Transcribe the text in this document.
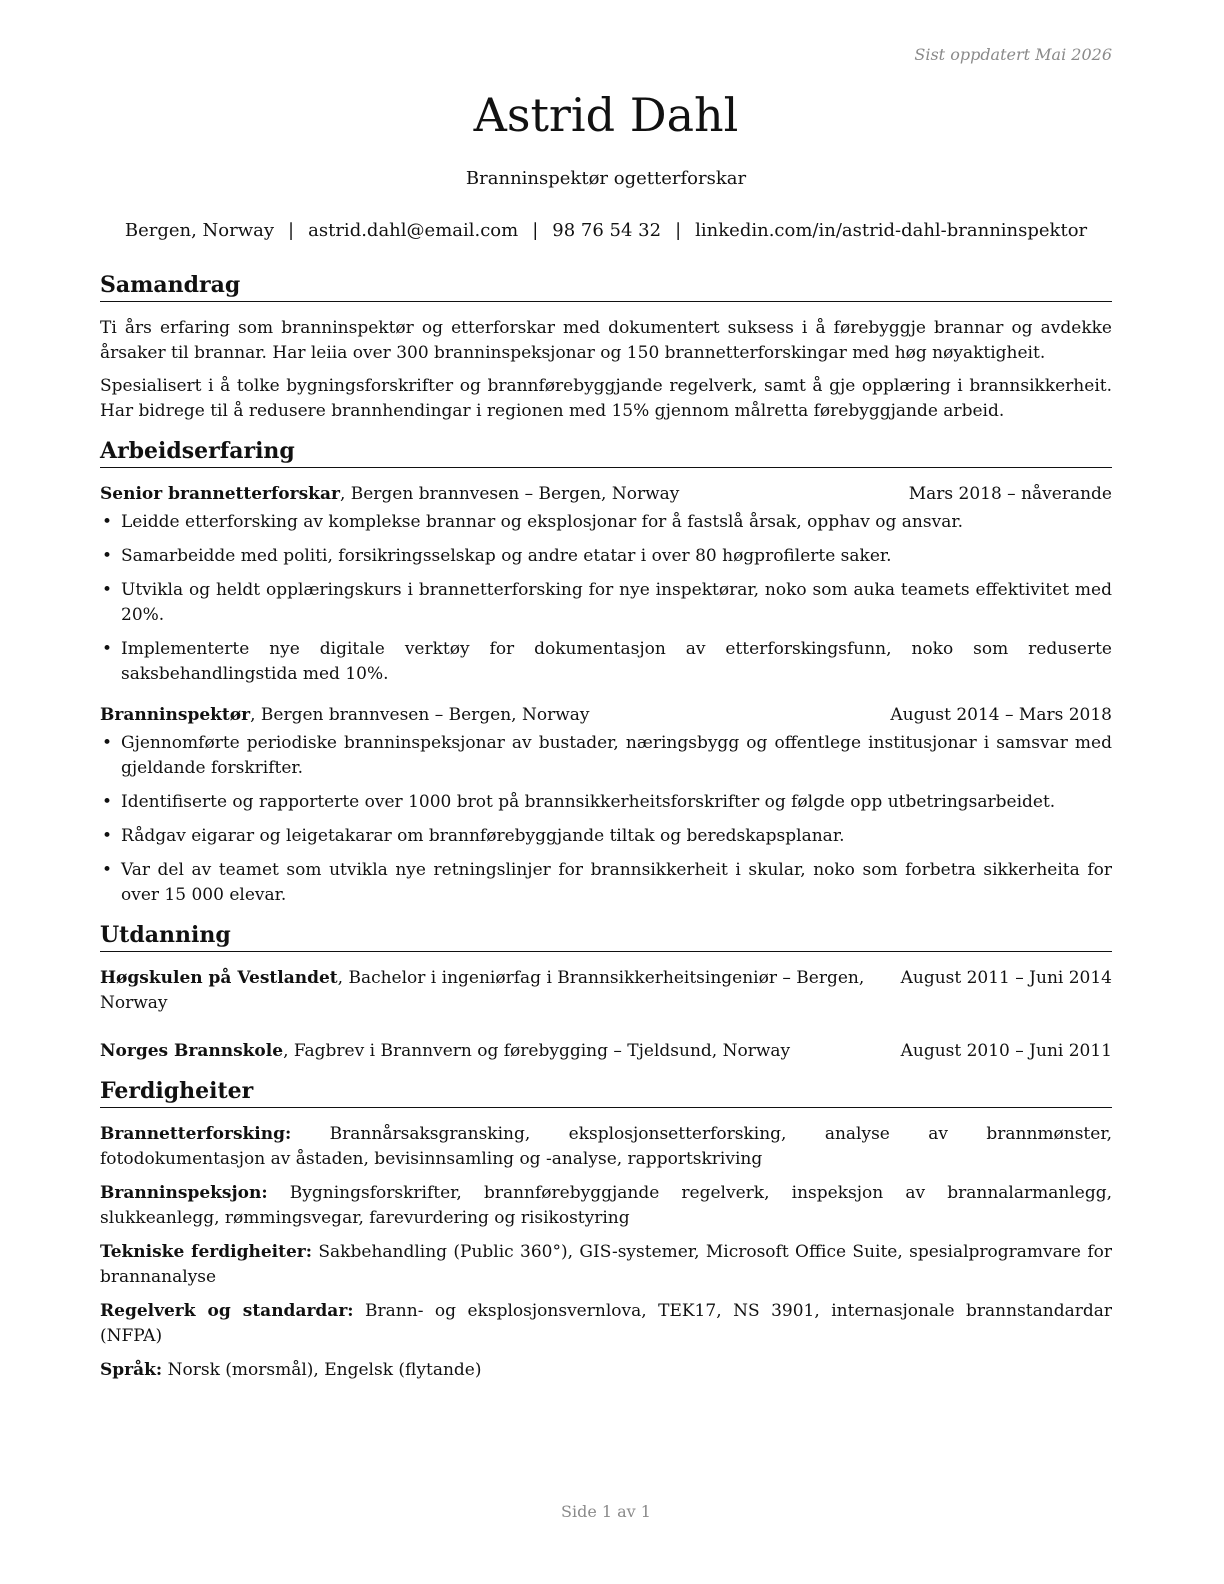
Sist oppdatert Mai 2026
Astrid Dahl
Branninspektør ogetterforskar
Bergen, Norway | astrid.dahl@email.com | 98 76 54 32 | linkedin.com/in/astrid-dahl-branninspektor
Samandrag

Ti års erfaring som branninspektør og etterforskar med dokumentert suksess i å førebyggje brannar og avdekke årsaker til brannar. Har leiia over 300 branninspeksjonar og 150 brannetterforskingar med høg nøyaktigheit.

Spesialisert i å tolke bygningsforskrifter og brannførebyggjande regelverk, samt å gje opplæring i brannsikkerheit. Har bidrege til å redusere brannhendingar i regionen med 15% gjennom målretta førebyggjande arbeid.

Arbeidserfaring
Senior brannetterforskar, Bergen brannvesen – Bergen, Norway	Mars 2018 – nåverande
• Leidde etterforsking av komplekse brannar og eksplosjonar for å fastslå årsak, opphav og ansvar.
• Samarbeidde med politi, forsikringsselskap og andre etatar i over 80 høgprofilerte saker.
• Utvikla og heldt opplæringskurs i brannetterforsking for nye inspektørar, noko som auka teamets effektivitet med 20%.
• Implementerte nye digitale verktøy for dokumentasjon av etterforskingsfunn, noko som reduserte saksbehandlingstida med 10%.
Branninspektør, Bergen brannvesen – Bergen, Norway	August 2014 – Mars 2018
• Gjennomførte periodiske branninspeksjonar av bustader, næringsbygg og offentlege institusjonar i samsvar med gjeldande forskrifter.
• Identifiserte og rapporterte over 1000 brot på brannsikkerheitsforskrifter og følgde opp utbetringsarbeidet.
• Rådgav eigarar og leigetakarar om brannførebyggjande tiltak og beredskapsplanar.
• Var del av teamet som utvikla nye retningslinjer for brannsikkerheit i skular, noko som forbetra sikkerheita for over 15 000 elevar.
Utdanning
Høgskulen på Vestlandet, Bachelor i ingeniørfag i Brannsikkerheitsingeniør – Bergen, Norway
August 2011 – Juni 2014
Norges Brannskole, Fagbrev i Brannvern og førebygging – Tjeldsund, Norway	August 2010 – Juni 2011
Ferdigheiter

Brannetterforsking: Brannårsaksgransking, eksplosjonsetterforsking, analyse av brannmønster, fotodokumentasjon av åstaden, bevisinnsamling og -analyse, rapportskriving

Branninspeksjon: Bygningsforskrifter, brannførebyggjande regelverk, inspeksjon av brannalarmanlegg, slukkeanlegg, rømmingsvegar, farevurdering og risikostyring

Tekniske ferdigheiter: Sakbehandling (Public 360°), GIS-systemer, Microsoft Office Suite, spesialprogramvare for brannanalyse

Regelverk og standardar: Brann- og eksplosjonsvernlova, TEK17, NS 3901, internasjonale brannstandardar (NFPA)

Språk: Norsk (morsmål), Engelsk (flytande)

Side 1 av 1
